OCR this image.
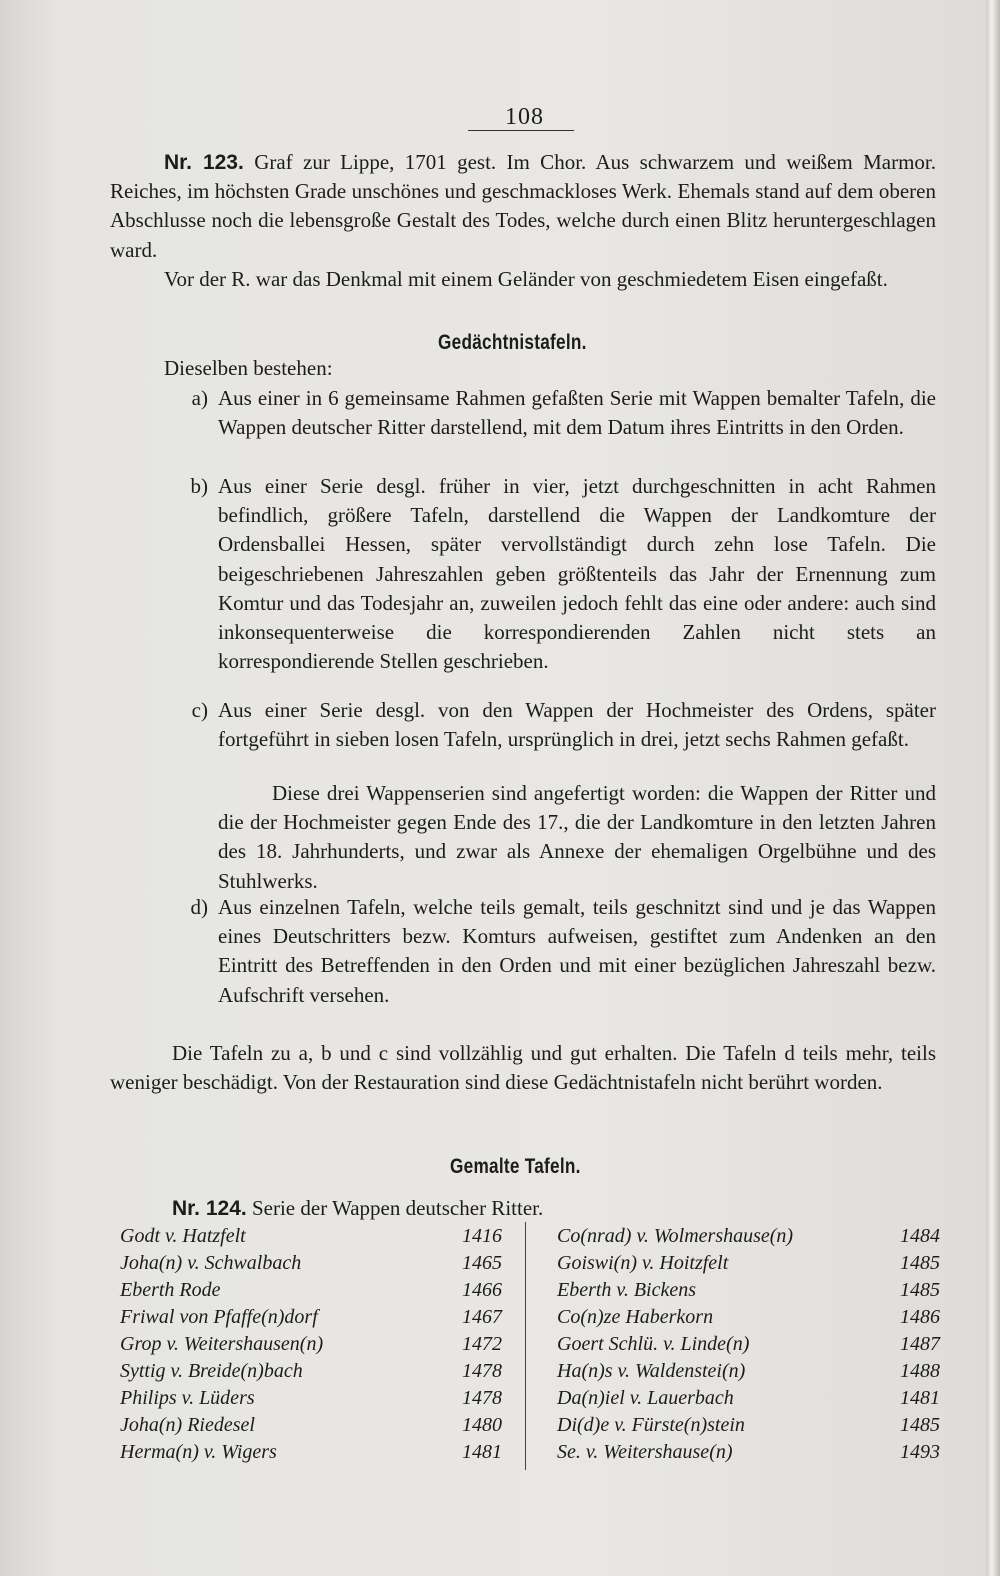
108
Nr. 123. Graf zur Lippe, 1701 gest. Im Chor. Aus schwarzem und weißem Marmor. Reiches, im höchsten Grade unschönes und geschmackloses Werk. Ehemals stand auf dem oberen Abschlusse noch die lebensgroße Gestalt des Todes, welche durch einen Blitz heruntergeschlagen ward.
Vor der R. war das Denkmal mit einem Geländer von geschmiedetem Eisen eingefaßt.
Gedächtnistafeln.
Dieselben bestehen:
a) Aus einer in 6 gemeinsame Rahmen gefaßten Serie mit Wappen bemalter Tafeln, die Wappen deutscher Ritter darstellend, mit dem Datum ihres Eintritts in den Orden.
b) Aus einer Serie desgl. früher in vier, jetzt durchgeschnitten in acht Rahmen befindlich, größere Tafeln, darstellend die Wappen der Landkomture der Ordensballei Hessen, später vervollständigt durch zehn lose Tafeln. Die beigeschriebenen Jahreszahlen geben größtenteils das Jahr der Ernennung zum Komtur und das Todesjahr an, zuweilen jedoch fehlt das eine oder andere: auch sind inkonsequenterweise die korrespondierenden Zahlen nicht stets an korrespondierende Stellen geschrieben.
c) Aus einer Serie desgl. von den Wappen der Hochmeister des Ordens, später fortgeführt in sieben losen Tafeln, ursprünglich in drei, jetzt sechs Rahmen gefaßt.
Diese drei Wappenserien sind angefertigt worden: die Wappen der Ritter und die der Hochmeister gegen Ende des 17., die der Landkomture in den letzten Jahren des 18. Jahrhunderts, und zwar als Annexe der ehemaligen Orgelbühne und des Stuhlwerks.
d) Aus einzelnen Tafeln, welche teils gemalt, teils geschnitzt sind und je das Wappen eines Deutschritters bezw. Komturs aufweisen, gestiftet zum Andenken an den Eintritt des Betreffenden in den Orden und mit einer bezüglichen Jahreszahl bezw. Aufschrift versehen.
Die Tafeln zu a, b und c sind vollzählig und gut erhalten. Die Tafeln d teils mehr, teils weniger beschädigt. Von der Restauration sind diese Gedächtnistafeln nicht berührt worden.
Gemalte Tafeln.
Nr. 124. Serie der Wappen deutscher Ritter.
Godt v. Hatzfelt	1416
Joha(n) v. Schwalbach	1465
Eberth Rode	1466
Friwal von Pfaffe(n)dorf	1467
Grop v. Weitershausen(n)	1472
Syttig v. Breide(n)bach	1478
Philips v. Lüders	1478
Joha(n) Riedesel	1480
Herma(n) v. Wigers	1481
Co(nrad) v. Wolmershause(n)	1484
Goiswi(n) v. Hoitzfelt	1485
Eberth v. Bickens	1485
Co(n)ze Haberkorn	1486
Goert Schlü. v. Linde(n)	1487
Ha(n)s v. Waldenstei(n)	1488
Da(n)iel v. Lauerbach	1481
Di(d)e v. Fürste(n)stein	1485
Se. v. Weitershause(n)	1493
